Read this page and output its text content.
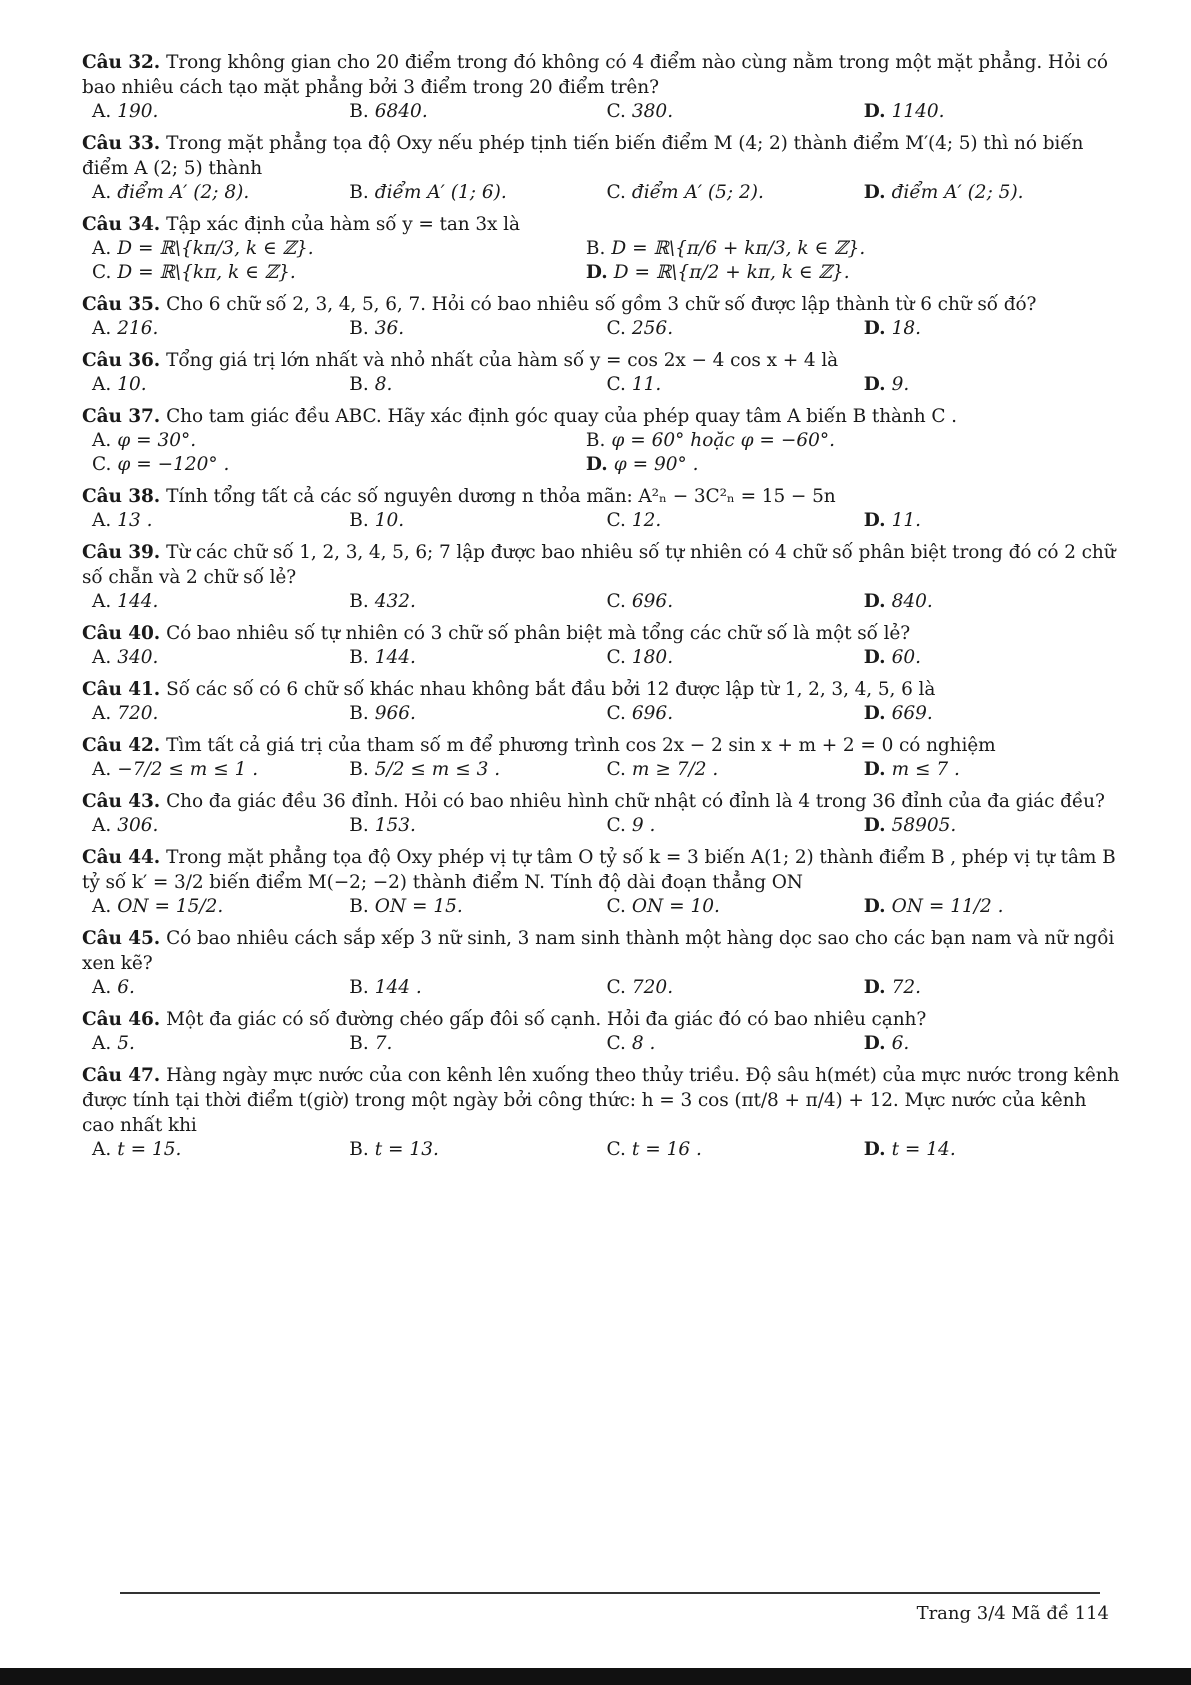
Câu 32. Trong không gian cho 20 điểm trong đó không có 4 điểm nào cùng nằm trong một mặt phẳng. Hỏi có bao nhiêu cách tạo mặt phẳng bởi 3 điểm trong 20 điểm trên?
A. 190.	B. 6840.	C. 380.	D. 1140.
Câu 33. Trong mặt phẳng tọa độ Oxy nếu phép tịnh tiến biến điểm M (4; 2) thành điểm M′(4; 5) thì nó biến điểm A (2; 5) thành
A. điểm A′ (2; 8).	B. điểm A′ (1; 6).	C. điểm A′ (5; 2).	D. điểm A′ (2; 5).
Câu 34. Tập xác định của hàm số y = tan 3x là
A. D = ℝ\{kπ/3, k ∈ ℤ}.	B. D = ℝ\{π/6 + kπ/3, k ∈ ℤ}.
C. D = ℝ\{kπ, k ∈ ℤ}.	D. D = ℝ\{π/2 + kπ, k ∈ ℤ}.
Câu 35. Cho 6 chữ số 2, 3, 4, 5, 6, 7. Hỏi có bao nhiêu số gồm 3 chữ số được lập thành từ 6 chữ số đó?
A. 216.	B. 36.	C. 256.	D. 18.
Câu 36. Tổng giá trị lớn nhất và nhỏ nhất của hàm số y = cos 2x − 4 cos x + 4 là
A. 10.	B. 8.	C. 11.	D. 9.
Câu 37. Cho tam giác đều ABC. Hãy xác định góc quay của phép quay tâm A biến B thành C .
A. φ = 30°.	B. φ = 60° hoặc φ = −60°.
C. φ = −120° .	D. φ = 90° .
Câu 38. Tính tổng tất cả các số nguyên dương n thỏa mãn: A²ₙ − 3C²ₙ = 15 − 5n
A. 13 .	B. 10.	C. 12.	D. 11.
Câu 39. Từ các chữ số 1, 2, 3, 4, 5, 6; 7 lập được bao nhiêu số tự nhiên có 4 chữ số phân biệt trong đó có 2 chữ số chẵn và 2 chữ số lẻ?
A. 144.	B. 432.	C. 696.	D. 840.
Câu 40. Có bao nhiêu số tự nhiên có 3 chữ số phân biệt mà tổng các chữ số là một số lẻ?
A. 340.	B. 144.	C. 180.	D. 60.
Câu 41. Số các số có 6 chữ số khác nhau không bắt đầu bởi 12 được lập từ 1, 2, 3, 4, 5, 6 là
A. 720.	B. 966.	C. 696.	D. 669.
Câu 42. Tìm tất cả giá trị của tham số m để phương trình cos 2x − 2 sin x + m + 2 = 0 có nghiệm
A. −7/2 ≤ m ≤ 1 .	B. 5/2 ≤ m ≤ 3 .	C. m ≥ 7/2 .	D. m ≤ 7 .
Câu 43. Cho đa giác đều 36 đỉnh. Hỏi có bao nhiêu hình chữ nhật có đỉnh là 4 trong 36 đỉnh của đa giác đều?
A. 306.	B. 153.	C. 9 .	D. 58905.
Câu 44. Trong mặt phẳng tọa độ Oxy phép vị tự tâm O tỷ số k = 3 biến A(1; 2) thành điểm B , phép vị tự tâm B tỷ số k′ = 3/2 biến điểm M(−2; −2) thành điểm N. Tính độ dài đoạn thẳng ON
A. ON = 15/2.	B. ON = 15.	C. ON = 10.	D. ON = 11/2 .
Câu 45. Có bao nhiêu cách sắp xếp 3 nữ sinh, 3 nam sinh thành một hàng dọc sao cho các bạn nam và nữ ngồi xen kẽ?
A. 6.	B. 144 .	C. 720.	D. 72.
Câu 46. Một đa giác có số đường chéo gấp đôi số cạnh. Hỏi đa giác đó có bao nhiêu cạnh?
A. 5.	B. 7.	C. 8 .	D. 6.
Câu 47. Hàng ngày mực nước của con kênh lên xuống theo thủy triều. Độ sâu h(mét) của mực nước trong kênh được tính tại thời điểm t(giờ) trong một ngày bởi công thức: h = 3 cos (πt/8 + π/4) + 12. Mực nước của kênh cao nhất khi
A. t = 15.	B. t = 13.	C. t = 16 .	D. t = 14.
Trang 3/4 Mã đề 114
